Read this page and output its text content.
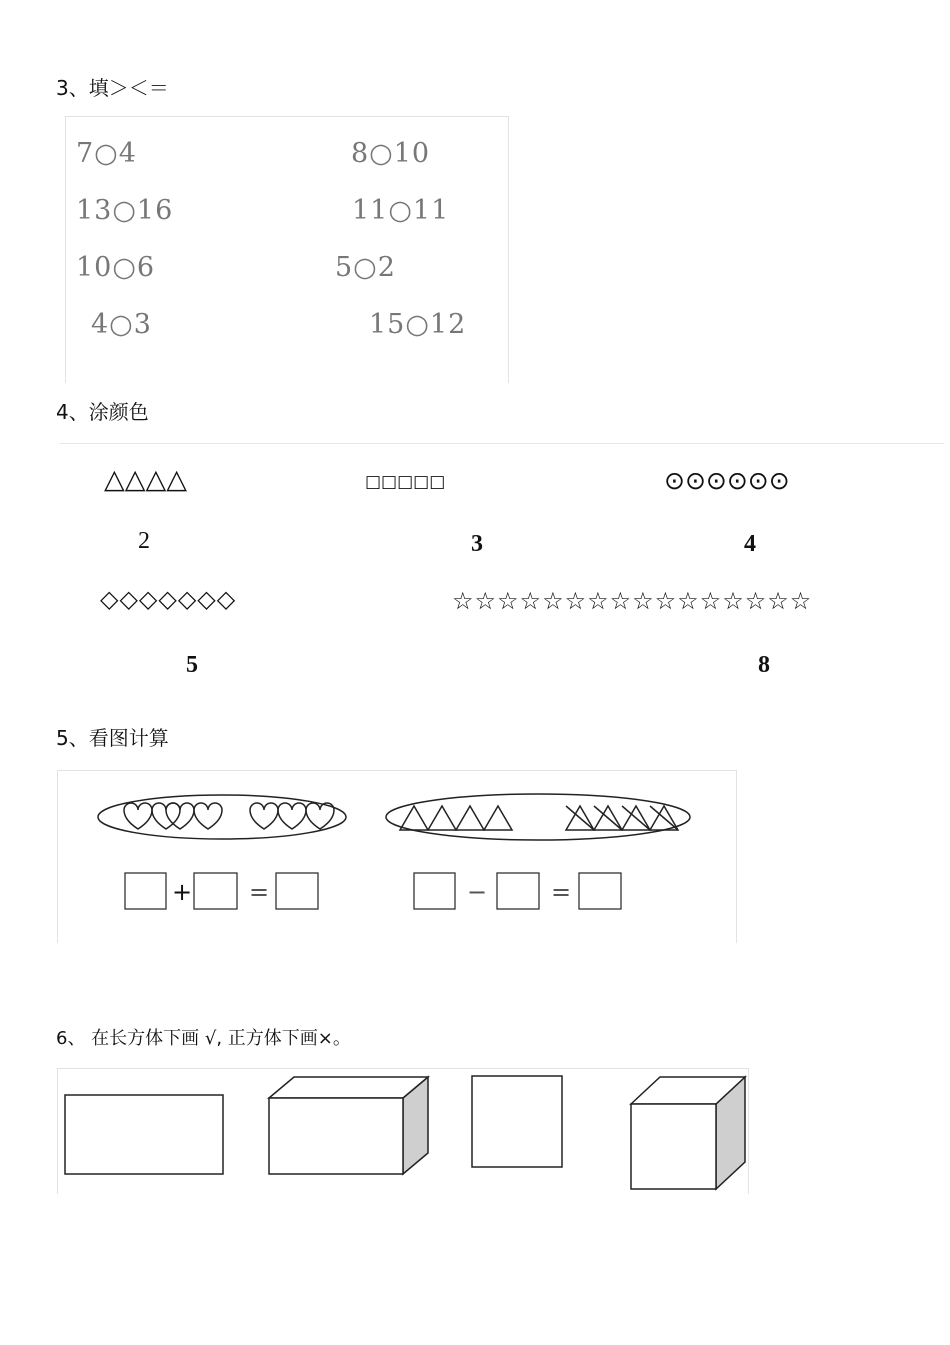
3、填＞＜＝
7○4	8○10
13○16	11○11
10○6	5○2
4○3	15○12
4、涂颜色
△△△△	□□□□□	⊙⊙⊙⊙⊙⊙
2	3	4
◇◇◇◇◇◇◇	☆☆☆☆☆☆☆☆☆☆☆☆☆☆☆☆
5	8
5、看图计算
+ =	−	=
6、 在长方体下画 √, 正方体下画×。
